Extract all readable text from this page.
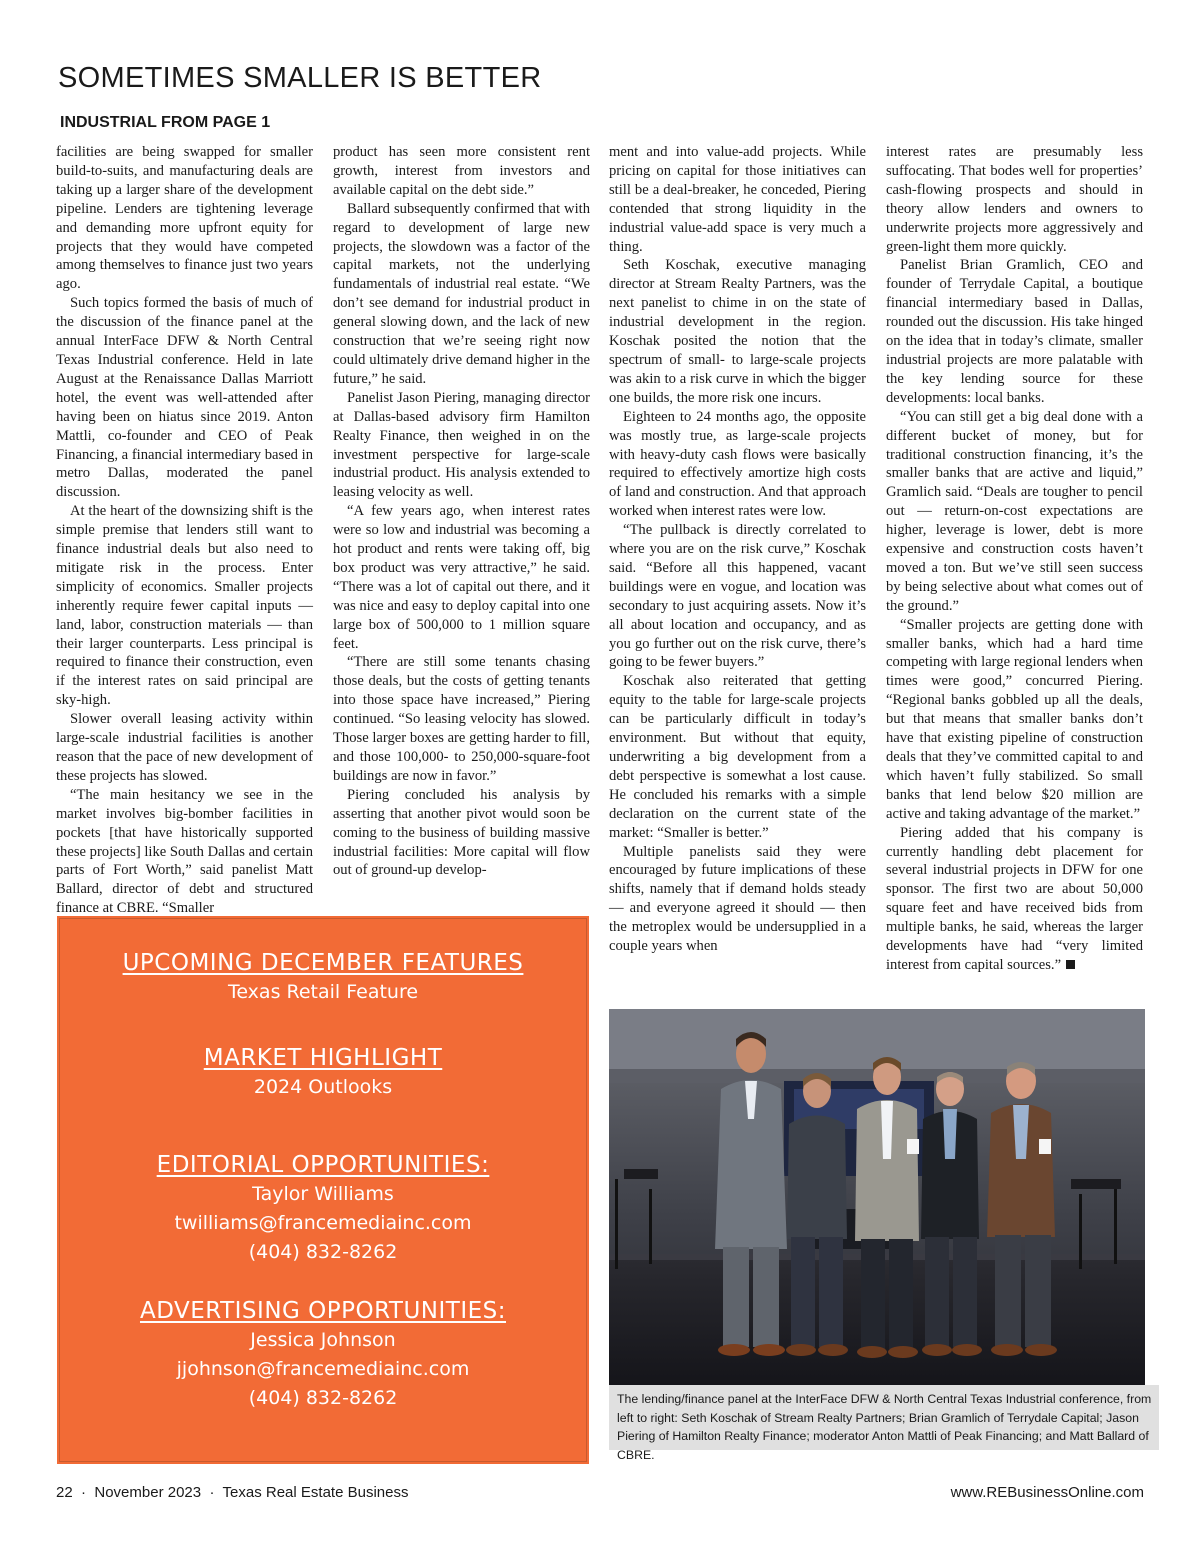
SOMETIMES SMALLER IS BETTER
INDUSTRIAL FROM PAGE 1

facilities are being swapped for smaller build-to-suits, and manufacturing deals are taking up a larger share of the development pipeline. Lenders are tightening leverage and demanding more upfront equity for projects that they would have competed among themselves to finance just two years ago.

Such topics formed the basis of much of the discussion of the finance panel at the annual InterFace DFW & North Central Texas Industrial conference. Held in late August at the Renaissance Dallas Marriott hotel, the event was well-attended after having been on hiatus since 2019. Anton Mattli, co-founder and CEO of Peak Financing, a financial intermediary based in metro Dallas, moderated the panel discussion.

At the heart of the downsizing shift is the simple premise that lenders still want to finance industrial deals but also need to mitigate risk in the process. Enter simplicity of economics. Smaller projects inherently require fewer capital inputs — land, labor, construction materials — than their larger counterparts. Less principal is required to finance their construction, even if the interest rates on said principal are sky-high.

Slower overall leasing activity within large-scale industrial facilities is another reason that the pace of new development of these projects has slowed.

“The main hesitancy we see in the market involves big-bomber facilities in pockets [that have historically supported these projects] like South Dallas and certain parts of Fort Worth,” said panelist Matt Ballard, director of debt and structured finance at CBRE. “Smaller

product has seen more consistent rent growth, interest from investors and available capital on the debt side.”

Ballard subsequently confirmed that with regard to development of large new projects, the slowdown was a factor of the capital markets, not the underlying fundamentals of industrial real estate. “We don’t see demand for industrial product in general slowing down, and the lack of new construction that we’re seeing right now could ultimately drive demand higher in the future,” he said.

Panelist Jason Piering, managing director at Dallas-based advisory firm Hamilton Realty Finance, then weighed in on the investment perspective for large-scale industrial product. His analysis extended to leasing velocity as well.

“A few years ago, when interest rates were so low and industrial was becoming a hot product and rents were taking off, big box product was very attractive,” he said. “There was a lot of capital out there, and it was nice and easy to deploy capital into one large box of 500,000 to 1 million square feet.

“There are still some tenants chasing those deals, but the costs of getting tenants into those space have increased,” Piering continued. “So leasing velocity has slowed. Those larger boxes are getting harder to fill, and those 100,000- to 250,000-square-foot buildings are now in favor.”

Piering concluded his analysis by asserting that another pivot would soon be coming to the business of building massive industrial facilities: More capital will flow out of ground-up develop-

ment and into value-add projects. While pricing on capital for those initiatives can still be a deal-breaker, he conceded, Piering contended that strong liquidity in the industrial value-add space is very much a thing.

Seth Koschak, executive managing director at Stream Realty Partners, was the next panelist to chime in on the state of industrial development in the region. Koschak posited the notion that the spectrum of small- to large-scale projects was akin to a risk curve in which the bigger one builds, the more risk one incurs.

Eighteen to 24 months ago, the opposite was mostly true, as large-scale projects with heavy-duty cash flows were basically required to effectively amortize high costs of land and construction. And that approach worked when interest rates were low.

“The pullback is directly correlated to where you are on the risk curve,” Koschak said. “Before all this happened, vacant buildings were en vogue, and location was secondary to just acquiring assets. Now it’s all about location and occupancy, and as you go further out on the risk curve, there’s going to be fewer buyers.”

Koschak also reiterated that getting equity to the table for large-scale projects can be particularly difficult in today’s environment. But without that equity, underwriting a big development from a debt perspective is somewhat a lost cause. He concluded his remarks with a simple declaration on the current state of the market: “Smaller is better.”

Multiple panelists said they were encouraged by future implications of these shifts, namely that if demand holds steady — and everyone agreed it should — then the metroplex would be undersupplied in a couple years when

interest rates are presumably less suffocating. That bodes well for properties’ cash-flowing prospects and should in theory allow lenders and owners to underwrite projects more aggressively and green-light them more quickly.

Panelist Brian Gramlich, CEO and founder of Terrydale Capital, a boutique financial intermediary based in Dallas, rounded out the discussion. His take hinged on the idea that in today’s climate, smaller industrial projects are more palatable with the key lending source for these developments: local banks.

“You can still get a big deal done with a different bucket of money, but for traditional construction financing, it’s the smaller banks that are active and liquid,” Gramlich said. “Deals are tougher to pencil out — return-on-cost expectations are higher, leverage is lower, debt is more expensive and construction costs haven’t moved a ton. But we’ve still seen success by being selective about what comes out of the ground.”

“Smaller projects are getting done with smaller banks, which had a hard time competing with large regional lenders when times were good,” concurred Piering. “Regional banks gobbled up all the deals, but that means that smaller banks don’t have that existing pipeline of construction deals that they’ve committed capital to and which haven’t fully stabilized. So small banks that lend below $20 million are active and taking advantage of the market.”

Piering added that his company is currently handling debt placement for several industrial projects in DFW for one sponsor. The first two are about 50,000 square feet and have received bids from multiple banks, he said, whereas the larger developments have had “very limited interest from capital sources.”

UPCOMING DECEMBER FEATURES

Texas Retail Feature

MARKET HIGHLIGHT

2024 Outlooks

EDITORIAL OPPORTUNITIES:

Taylor Williams

twilliams@francemediainc.com

(404) 832-8262

ADVERTISING OPPORTUNITIES:

Jessica Johnson

jjohnson@francemediainc.com

(404) 832-8262	The lending/finance panel at the InterFace DFW & North Central Texas Industrial conference, from left to right: Seth Koschak of Stream Realty Partners; Brian Gramlich of Terrydale Capital; Jason Piering of Hamilton Realty Finance; moderator Anton Mattli of Peak Financing; and Matt Ballard of CBRE.

22 · November 2023 · Texas Real Estate Business	www.REBusinessOnline.com
